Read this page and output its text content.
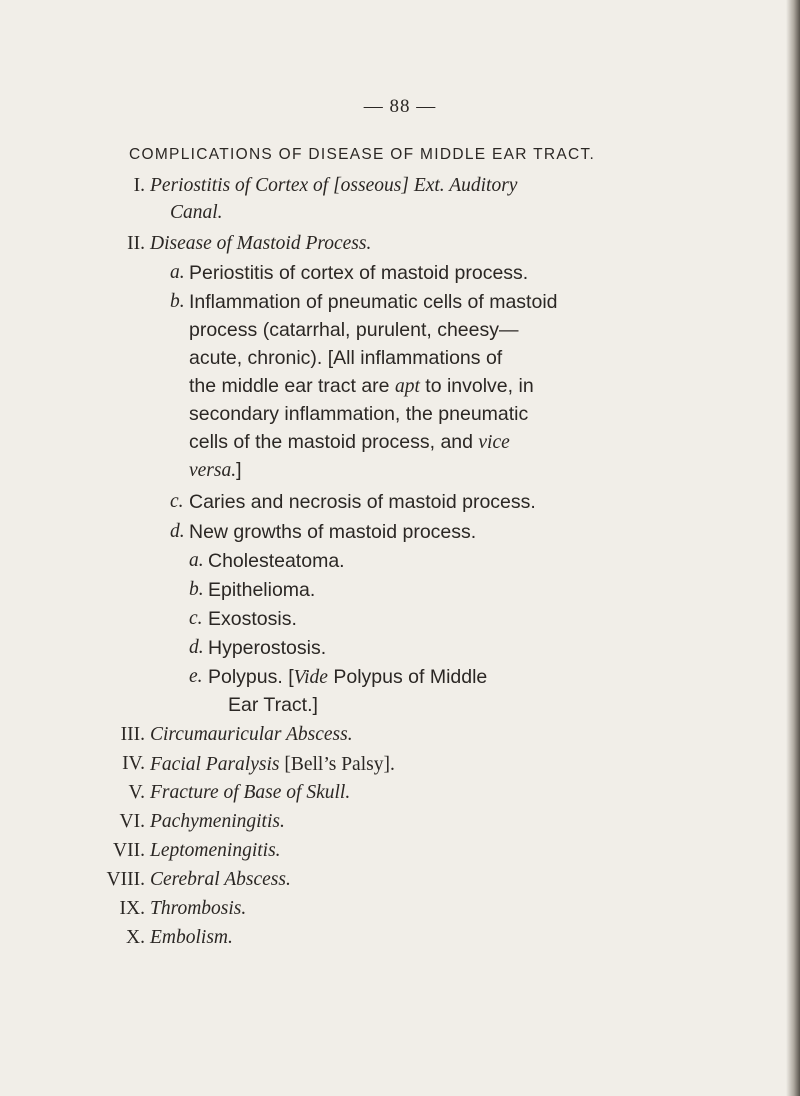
— 88 —
COMPLICATIONS OF DISEASE OF MIDDLE EAR TRACT.
I. Periostitis of Cortex of [osseous] Ext. Auditory
Canal.
II. Disease of Mastoid Process.
a. Periostitis of cortex of mastoid process.
b. Inflammation of pneumatic cells of mastoid
process (catarrhal, purulent, cheesy—
acute, chronic). [All inflammations of
the middle ear tract are apt to involve, in
secondary inflammation, the pneumatic
cells of the mastoid process, and vice
versa.]
c. Caries and necrosis of mastoid process.
d. New growths of mastoid process.
a. Cholesteatoma.
b. Epithelioma.
c. Exostosis.
d. Hyperostosis.
e. Polypus. [Vide Polypus of Middle
Ear Tract.]
III. Circumauricular Abscess.
IV. Facial Paralysis [Bell’s Palsy].
V. Fracture of Base of Skull.
VI. Pachymeningitis.
VII. Leptomeningitis.
VIII. Cerebral Abscess.
IX. Thrombosis.
X. Embolism.
